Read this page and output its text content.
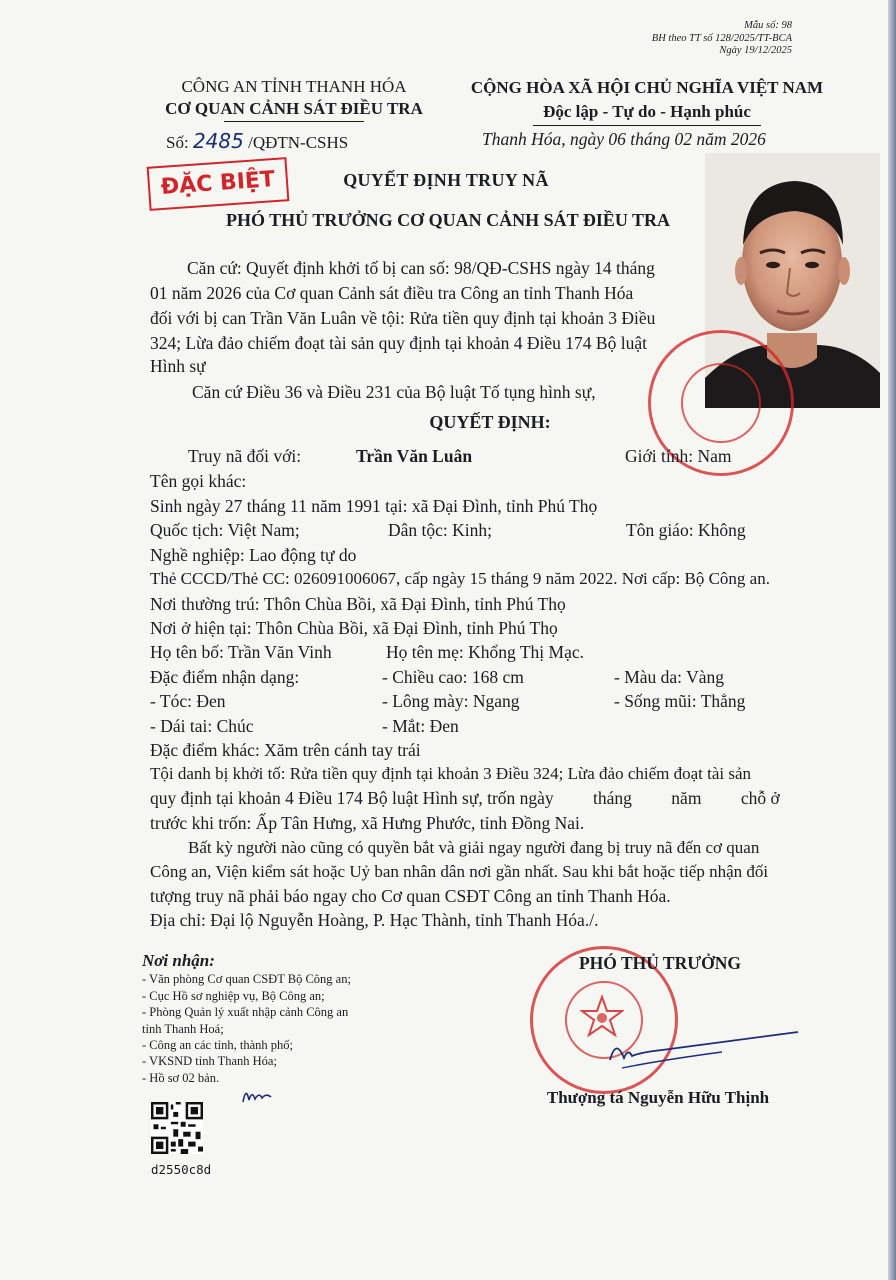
Mẫu số: 98
BH theo TT số 128/2025/TT-BCA
Ngày 19/12/2025
CÔNG AN TỈNH THANH HÓA
CƠ QUAN CẢNH SÁT ĐIỀU TRA
CỘNG HÒA XÃ HỘI CHỦ NGHĨA VIỆT NAM
Độc lập - Tự do - Hạnh phúc
Số: 2485 /QĐTN-CSHS	Thanh Hóa, ngày 06 tháng 02 năm 2026
ĐẶC BIỆT	QUYẾT ĐỊNH TRUY NÃ
PHÓ THỦ TRƯỞNG CƠ QUAN CẢNH SÁT ĐIỀU TRA
Căn cứ: Quyết định khởi tố bị can số: 98/QĐ-CSHS ngày 14 tháng
01 năm 2026 của Cơ quan Cảnh sát điều tra Công an tỉnh Thanh Hóa
đối với bị can Trần Văn Luân về tội: Rửa tiền quy định tại khoản 3 Điều
324; Lừa đảo chiếm đoạt tài sản quy định tại khoản 4 Điều 174 Bộ luật
Hình sự
Căn cứ Điều 36 và Điều 231 của Bộ luật Tố tụng hình sự,
QUYẾT ĐỊNH:
Truy nã đối với:	Trần Văn Luân	Giới tính: Nam
Tên gọi khác:
Sinh ngày 27 tháng 11 năm 1991 tại: xã Đại Đình, tỉnh Phú Thọ
Quốc tịch: Việt Nam;	Dân tộc: Kinh;	Tôn giáo: Không
Nghề nghiệp: Lao động tự do
Thẻ CCCD/Thẻ CC: 026091006067, cấp ngày 15 tháng 9 năm 2022. Nơi cấp: Bộ Công an.
Nơi thường trú: Thôn Chùa Bồi, xã Đại Đình, tỉnh Phú Thọ
Nơi ở hiện tại: Thôn Chùa Bồi, xã Đại Đình, tỉnh Phú Thọ
Họ tên bố: Trần Văn Vinh	Họ tên mẹ: Khổng Thị Mạc.
Đặc điểm nhận dạng:	- Chiều cao: 168 cm	- Màu da: Vàng
- Tóc: Đen	- Lông mày: Ngang	- Sống mũi: Thẳng
- Dái tai: Chúc	- Mắt: Đen
Đặc điểm khác: Xăm trên cánh tay trái
Tội danh bị khởi tố: Rửa tiền quy định tại khoản 3 Điều 324; Lừa đảo chiếm đoạt tài sản
quy định tại khoản 4 Điều 174 Bộ luật Hình sự, trốn ngày         tháng         năm         chỗ ở
trước khi trốn: Ấp Tân Hưng, xã Hưng Phước, tỉnh Đồng Nai.
Bất kỳ người nào cũng có quyền bắt và giải ngay người đang bị truy nã đến cơ quan
Công an, Viện kiểm sát hoặc Uỷ ban nhân dân nơi gần nhất. Sau khi bắt hoặc tiếp nhận đối
tượng truy nã phải báo ngay cho Cơ quan CSĐT Công an tỉnh Thanh Hóa.
Địa chỉ: Đại lộ Nguyễn Hoàng, P. Hạc Thành, tỉnh Thanh Hóa./.
Nơi nhận:
- Văn phòng Cơ quan CSĐT Bộ Công an;
- Cục Hồ sơ nghiệp vụ, Bộ Công an;
- Phòng Quản lý xuất nhập cảnh Công an
tỉnh Thanh Hoá;
- Công an các tỉnh, thành phố;
- VKSND tỉnh Thanh Hóa;
- Hồ sơ 02 bản.
PHÓ THỦ TRƯỞNG
Thượng tá Nguyễn Hữu Thịnh
d2550c8d
